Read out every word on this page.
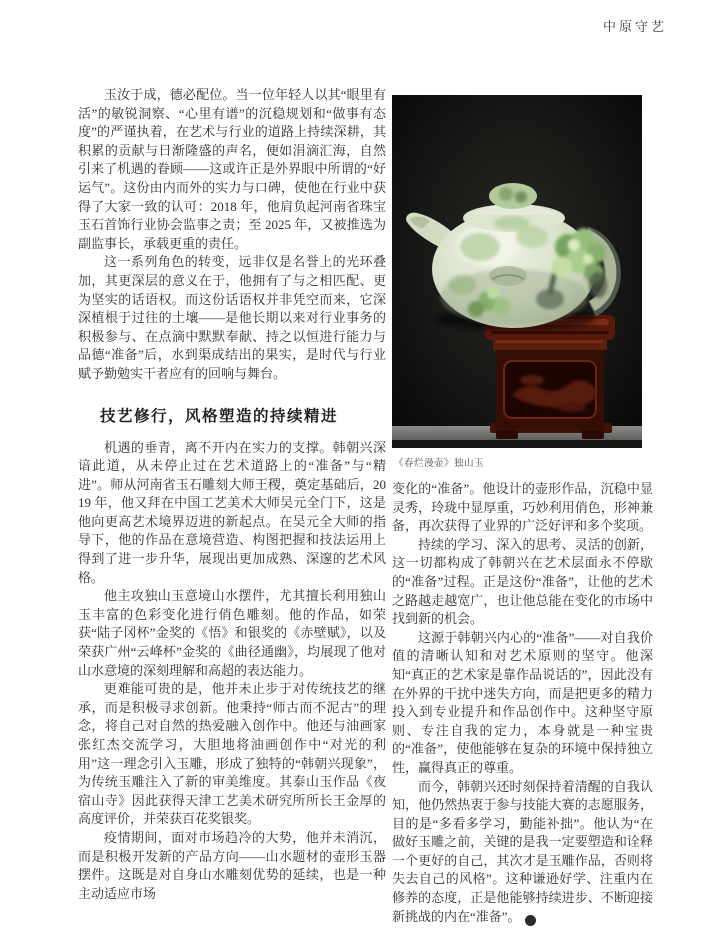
中原守艺

玉汝于成，德必配位。当一位年轻人以其“眼里有活”的敏锐洞察、“心里有谱”的沉稳规划和“做事有态度”的严谨执着，在艺术与行业的道路上持续深耕，其积累的贡献与日渐隆盛的声名，便如涓滴汇海，自然引来了机遇的眷顾——这或许正是外界眼中所谓的“好运气”。这份由内而外的实力与口碑，使他在行业中获得了大家一致的认可：2018 年，他肩负起河南省珠宝玉石首饰行业协会监事之责；至 2025 年，又被推选为副监事长，承载更重的责任。

这一系列角色的转变，远非仅是名誉上的光环叠加，其更深层的意义在于，他拥有了与之相匹配、更为坚实的话语权。而这份话语权并非凭空而来，它深深植根于过往的土壤——是他长期以来对行业事务的积极参与、在点滴中默默奉献、持之以恒进行能力与品德“准备”后，水到渠成结出的果实，是时代与行业赋予勤勉实干者应有的回响与舞台。

技艺修行，风格塑造的持续精进

机遇的垂青，离不开内在实力的支撑。韩朝兴深谙此道，从未停止过在艺术道路上的“准备”与“精进”。师从河南省玉石雕刻大师王稷，奠定基础后，2019 年，他又拜在中国工艺美术大师吴元全门下，这是他向更高艺术境界迈进的新起点。在吴元全大师的指导下，他的作品在意境营造、构图把握和技法运用上得到了进一步升华，展现出更加成熟、深邃的艺术风格。

他主攻独山玉意境山水摆件，尤其擅长利用独山玉丰富的色彩变化进行俏色雕刻。他的作品，如荣获“陆子冈杯”金奖的《悟》和银奖的《赤壁赋》，以及荣获广州“云峰杯”金奖的《曲径通幽》，均展现了他对山水意境的深刻理解和高超的表达能力。

更难能可贵的是，他并未止步于对传统技艺的继承，而是积极寻求创新。他秉持“师古而不泥古”的理念，将自己对自然的热爱融入创作中。他还与油画家张红杰交流学习，大胆地将油画创作中“对光的利用”这一理念引入玉雕，形成了独特的“韩朝兴现象”，为传统玉雕注入了新的审美维度。其泰山玉作品《夜宿山寺》因此获得天津工艺美术研究所所长王金厚的高度评价，并荣获百花奖银奖。

疫情期间，面对市场趋冷的大势，他并未消沉，而是积极开发新的产品方向——山水题材的壶形玉器摆件。这既是对自身山水雕刻优势的延续，也是一种主动适应市场

《春烂漫壶》独山玉

变化的“准备”。他设计的壶形作品，沉稳中显灵秀，玲珑中显厚重，巧妙利用俏色，形神兼备，再次获得了业界的广泛好评和多个奖项。

持续的学习、深入的思考、灵活的创新，这一切都构成了韩朝兴在艺术层面永不停歇的“准备”过程。正是这份“准备”，让他的艺术之路越走越宽广，也让他总能在变化的市场中找到新的机会。

这源于韩朝兴内心的“准备”——对自我价值的清晰认知和对艺术原则的坚守。他深知“真正的艺术家是靠作品说话的”，因此没有在外界的干扰中迷失方向，而是把更多的精力投入到专业提升和作品创作中。这种坚守原则、专注自我的定力，本身就是一种宝贵的“准备”，使他能够在复杂的环境中保持独立性，赢得真正的尊重。

而今，韩朝兴还时刻保持着清醒的自我认知，他仍然热衷于参与技能大赛的志愿服务，目的是“多看多学习，勤能补拙”。他认为“在做好玉雕之前，关键的是我一定要塑造和诠释一个更好的自己，其次才是玉雕作品，否则将失去自己的风格”。这种谦逊好学、注重内在修养的态度，正是他能够持续进步、不断迎接新挑战的内在“准备”。	❉
